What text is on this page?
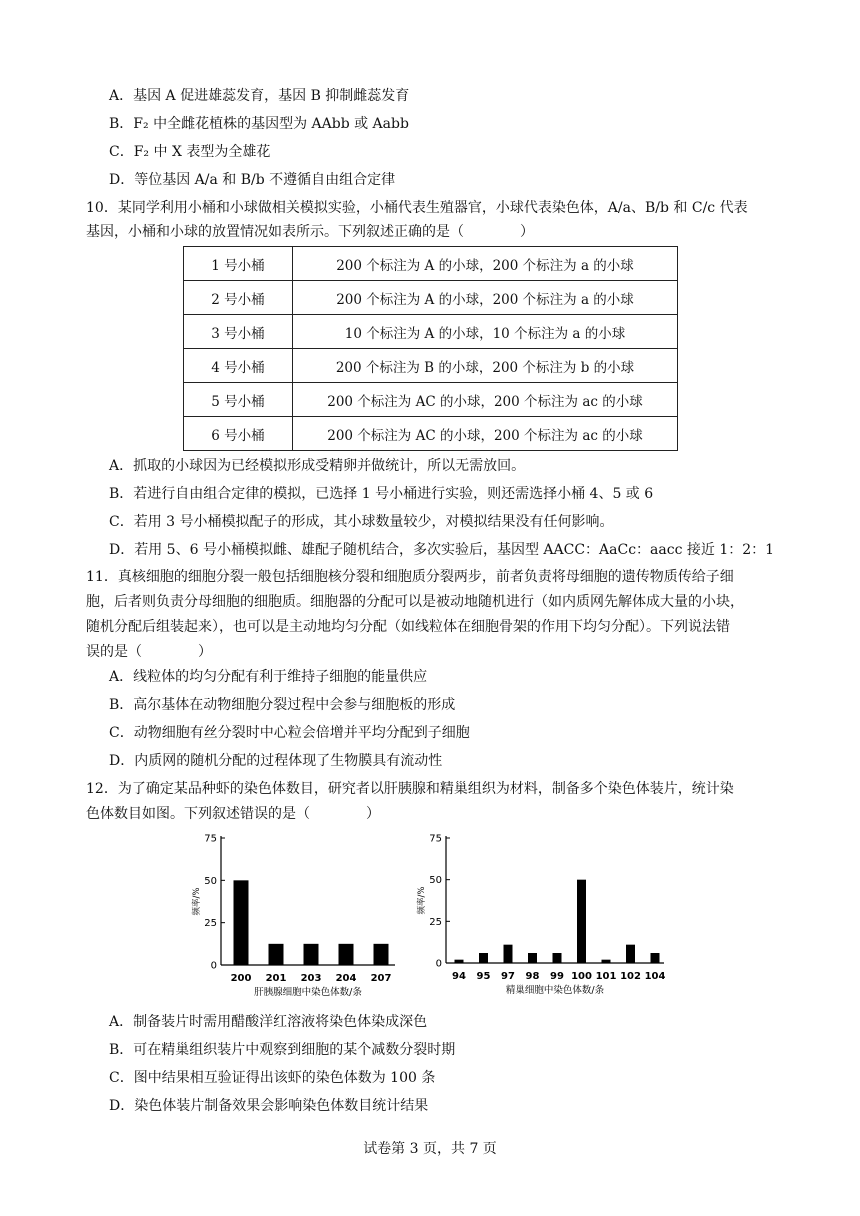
A．基因 A 促进雄蕊发育，基因 B 抑制雌蕊发育
B．F₂ 中全雌花植株的基因型为 AAbb 或 Aabb
C．F₂ 中 X 表型为全雄花
D．等位基因 A/a 和 B/b 不遵循自由组合定律
10．某同学利用小桶和小球做相关模拟实验，小桶代表生殖器官，小球代表染色体，A/a、B/b 和 C/c 代表
基因，小桶和小球的放置情况如表所示。下列叙述正确的是（　　　　）
1 号小桶	200 个标注为 A 的小球，200 个标注为 a 的小球
2 号小桶	200 个标注为 A 的小球，200 个标注为 a 的小球
3 号小桶	10 个标注为 A 的小球，10 个标注为 a 的小球
4 号小桶	200 个标注为 B 的小球，200 个标注为 b 的小球
5 号小桶	200 个标注为 AC 的小球，200 个标注为 ac 的小球
6 号小桶	200 个标注为 AC 的小球，200 个标注为 ac 的小球
A．抓取的小球因为已经模拟形成受精卵并做统计，所以无需放回。
B．若进行自由组合定律的模拟，已选择 1 号小桶进行实验，则还需选择小桶 4、5 或 6
C．若用 3 号小桶模拟配子的形成，其小球数量较少，对模拟结果没有任何影响。
D．若用 5、6 号小桶模拟雌、雄配子随机结合，多次实验后，基因型 AACC：AaCc：aacc 接近 1：2：1
11．真核细胞的细胞分裂一般包括细胞核分裂和细胞质分裂两步，前者负责将母细胞的遗传物质传给子细
胞，后者则负责分母细胞的细胞质。细胞器的分配可以是被动地随机进行（如内质网先解体成大量的小块，
随机分配后组装起来），也可以是主动地均匀分配（如线粒体在细胞骨架的作用下均匀分配）。下列说法错
误的是（　　　　）
A．线粒体的均匀分配有利于维持子细胞的能量供应
B．高尔基体在动物细胞分裂过程中会参与细胞板的形成
C．动物细胞有丝分裂时中心粒会倍增并平均分配到子细胞
D．内质网的随机分配的过程体现了生物膜具有流动性
12．为了确定某品种虾的染色体数目，研究者以肝胰腺和精巢组织为材料，制备多个染色体装片，统计染
色体数目如图。下列叙述错误的是（　　　　）
0
25
50
75
频率/%
200 201 203 204 207
肝胰腺细胞中染色体数/条
0
25
50
75
频率/%
94 95 97 98 99 100 101 102 104
精巢细胞中染色体数/条
A．制备装片时需用醋酸洋红溶液将染色体染成深色
B．可在精巢组织装片中观察到细胞的某个减数分裂时期
C．图中结果相互验证得出该虾的染色体数为 100 条
D．染色体装片制备效果会影响染色体数目统计结果
试卷第 3 页，共 7 页
